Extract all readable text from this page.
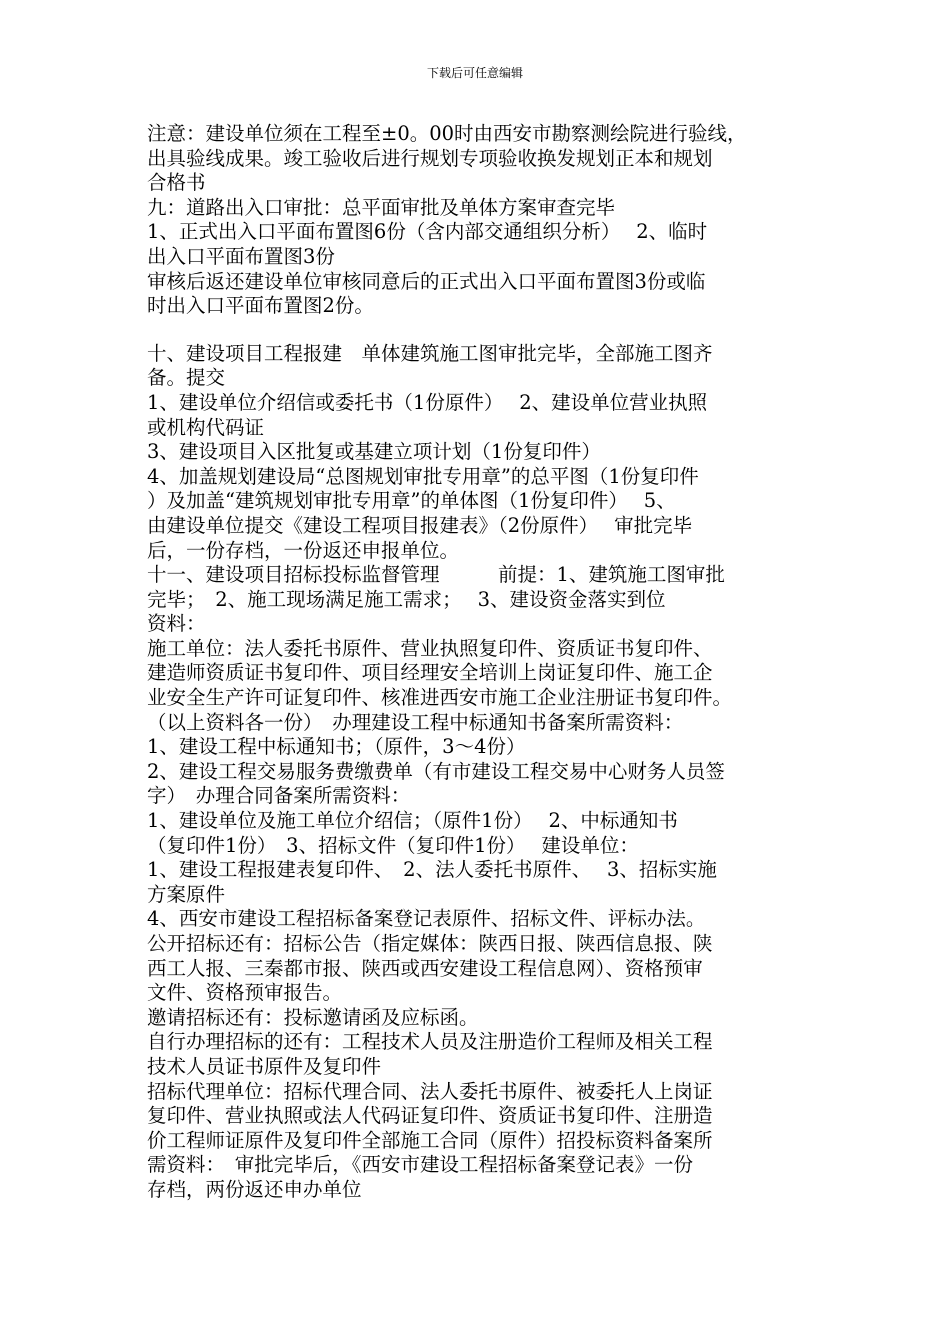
下载后可任意编辑
注意：建设单位须在工程至±0。00时由西安市勘察测绘院进行验线，
出具验线成果。竣工验收后进行规划专项验收换发规划正本和规划
合格书
九：道路出入口审批：总平面审批及单体方案审查完毕
1、正式出入口平面布置图6份（含内部交通组织分析）　 2、临时
出入口平面布置图3份
审核后返还建设单位审核同意后的正式出入口平面布置图3份或临
时出入口平面布置图2份。
十、建设项目工程报建　单体建筑施工图审批完毕，全部施工图齐
备。提交
1、建设单位介绍信或委托书（1份原件）　 2、建设单位营业执照
或机构代码证
3、建设项目入区批复或基建立项计划（1份复印件）
4、加盖规划建设局“总图规划审批专用章”的总平图（1份复印件
）及加盖“建筑规划审批专用章”的单体图（1份复印件）　 5、
由建设单位提交《建设工程项目报建表》（2份原件）　 审批完毕
后，一份存档，一份返还申报单位。
十一、建设项目招标投标监督管理　　　前提：1、建筑施工图审批
完毕；　2、施工现场满足施工需求；　 3、建设资金落实到位
资料：
施工单位：法人委托书原件、营业执照复印件、资质证书复印件、
建造师资质证书复印件、项目经理安全培训上岗证复印件、施工企
业安全生产许可证复印件、核准进西安市施工企业注册证书复印件。
（以上资料各一份）　办理建设工程中标通知书备案所需资料：
1、建设工程中标通知书；（原件，3～4份）
2、建设工程交易服务费缴费单（有市建设工程交易中心财务人员签
字）　办理合同备案所需资料：
1、建设单位及施工单位介绍信；（原件1份）　 2、中标通知书
（复印件1份）　3、招标文件（复印件1份）　 建设单位：
1、建设工程报建表复印件、　2、法人委托书原件、　 3、招标实施
方案原件
4、西安市建设工程招标备案登记表原件、招标文件、评标办法。
公开招标还有：招标公告（指定媒体：陕西日报、陕西信息报、陕
西工人报、三秦都市报、陕西或西安建设工程信息网）、资格预审
文件、资格预审报告。
邀请招标还有：投标邀请函及应标函。
自行办理招标的还有：工程技术人员及注册造价工程师及相关工程
技术人员证书原件及复印件
招标代理单位：招标代理合同、法人委托书原件、被委托人上岗证
复印件、营业执照或法人代码证复印件、资质证书复印件、注册造
价工程师证原件及复印件全部施工合同（原件）招投标资料备案所
需资料：　审批完毕后，《西安市建设工程招标备案登记表》一份
存档，两份返还申办单位
